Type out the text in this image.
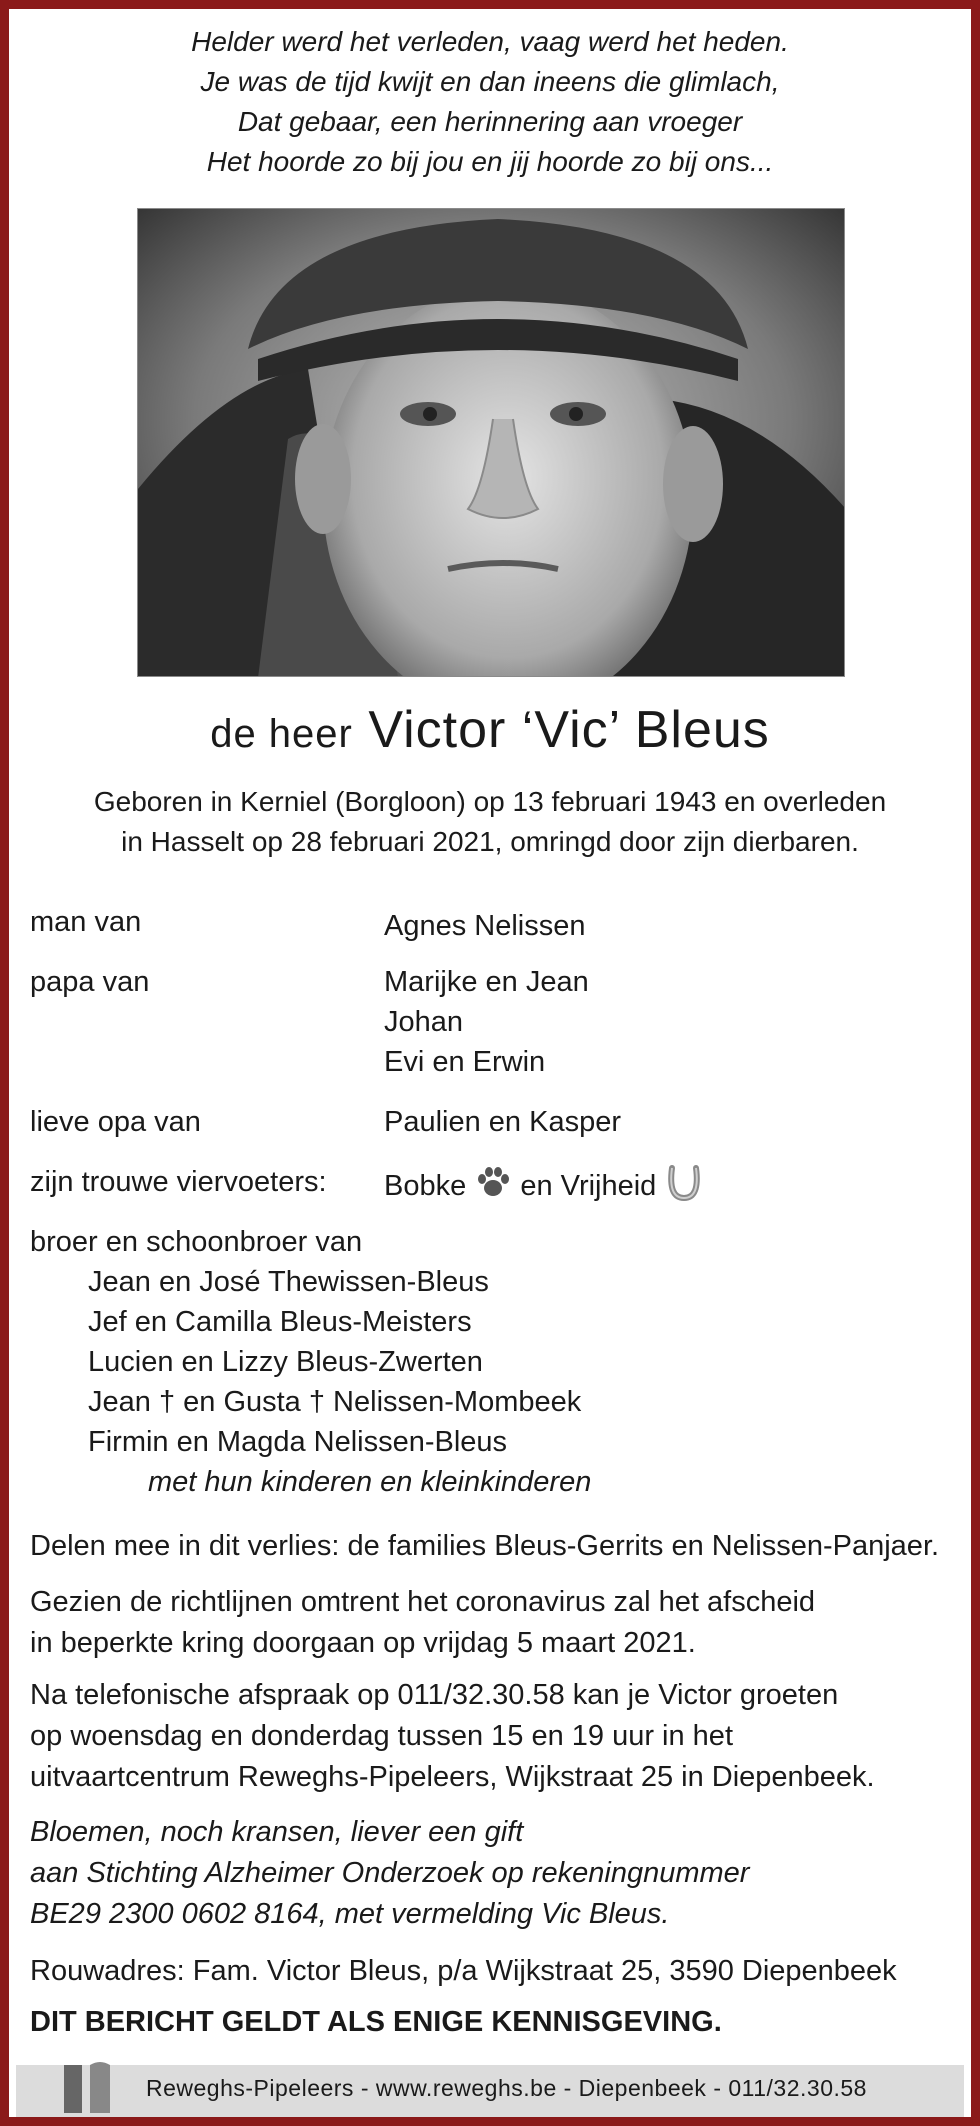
Helder werd het verleden, vaag werd het heden.
Je was de tijd kwijt en dan ineens die glimlach,
Dat gebaar, een herinnering aan vroeger
Het hoorde zo bij jou en jij hoorde zo bij ons...
de heer Victor ‘Vic’ Bleus
Geboren in Kerniel (Borgloon) op 13 februari 1943 en overleden
in Hasselt op 28 februari 2021, omringd door zijn dierbaren.
man van	Agnes Nelissen
papa van	Marijke en Jean
Johan
Evi en Erwin
lieve opa van	Paulien en Kasper
zijn trouwe viervoeters: Bobke en Vrijheid
broer en schoonbroer van
Jean en José Thewissen-Bleus
Jef en Camilla Bleus-Meisters
Lucien en Lizzy Bleus-Zwerten
Jean † en Gusta † Nelissen-Mombeek
Firmin en Magda Nelissen-Bleus
met hun kinderen en kleinkinderen
Delen mee in dit verlies: de families Bleus-Gerrits en Nelissen-Panjaer.
Gezien de richtlijnen omtrent het coronavirus zal het afscheid
in beperkte kring doorgaan op vrijdag 5 maart 2021.
Na telefonische afspraak op 011/32.30.58 kan je Victor groeten
op woensdag en donderdag tussen 15 en 19 uur in het
uitvaartcentrum Reweghs-Pipeleers, Wijkstraat 25 in Diepenbeek.
Bloemen, noch kransen, liever een gift
aan Stichting Alzheimer Onderzoek op rekeningnummer
BE29 2300 0602 8164, met vermelding Vic Bleus.
Rouwadres: Fam. Victor Bleus, p/a Wijkstraat 25, 3590 Diepenbeek
DIT BERICHT GELDT ALS ENIGE KENNISGEVING.
Reweghs-Pipeleers - www.reweghs.be - Diepenbeek - 011/32.30.58
